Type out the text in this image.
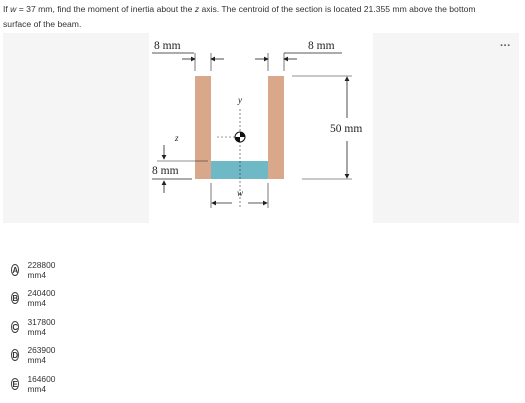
If w = 37 mm, find the moment of inertia about the z axis. The centroid of the section is located 21.355 mm above the bottom
surface of the beam.
8 mm	8 mm
50 mm
y
z
8 mm
w
...
A 228800 mm4
B 240400 mm4
C 317800 mm4
D 263900 mm4
E 164600 mm4
